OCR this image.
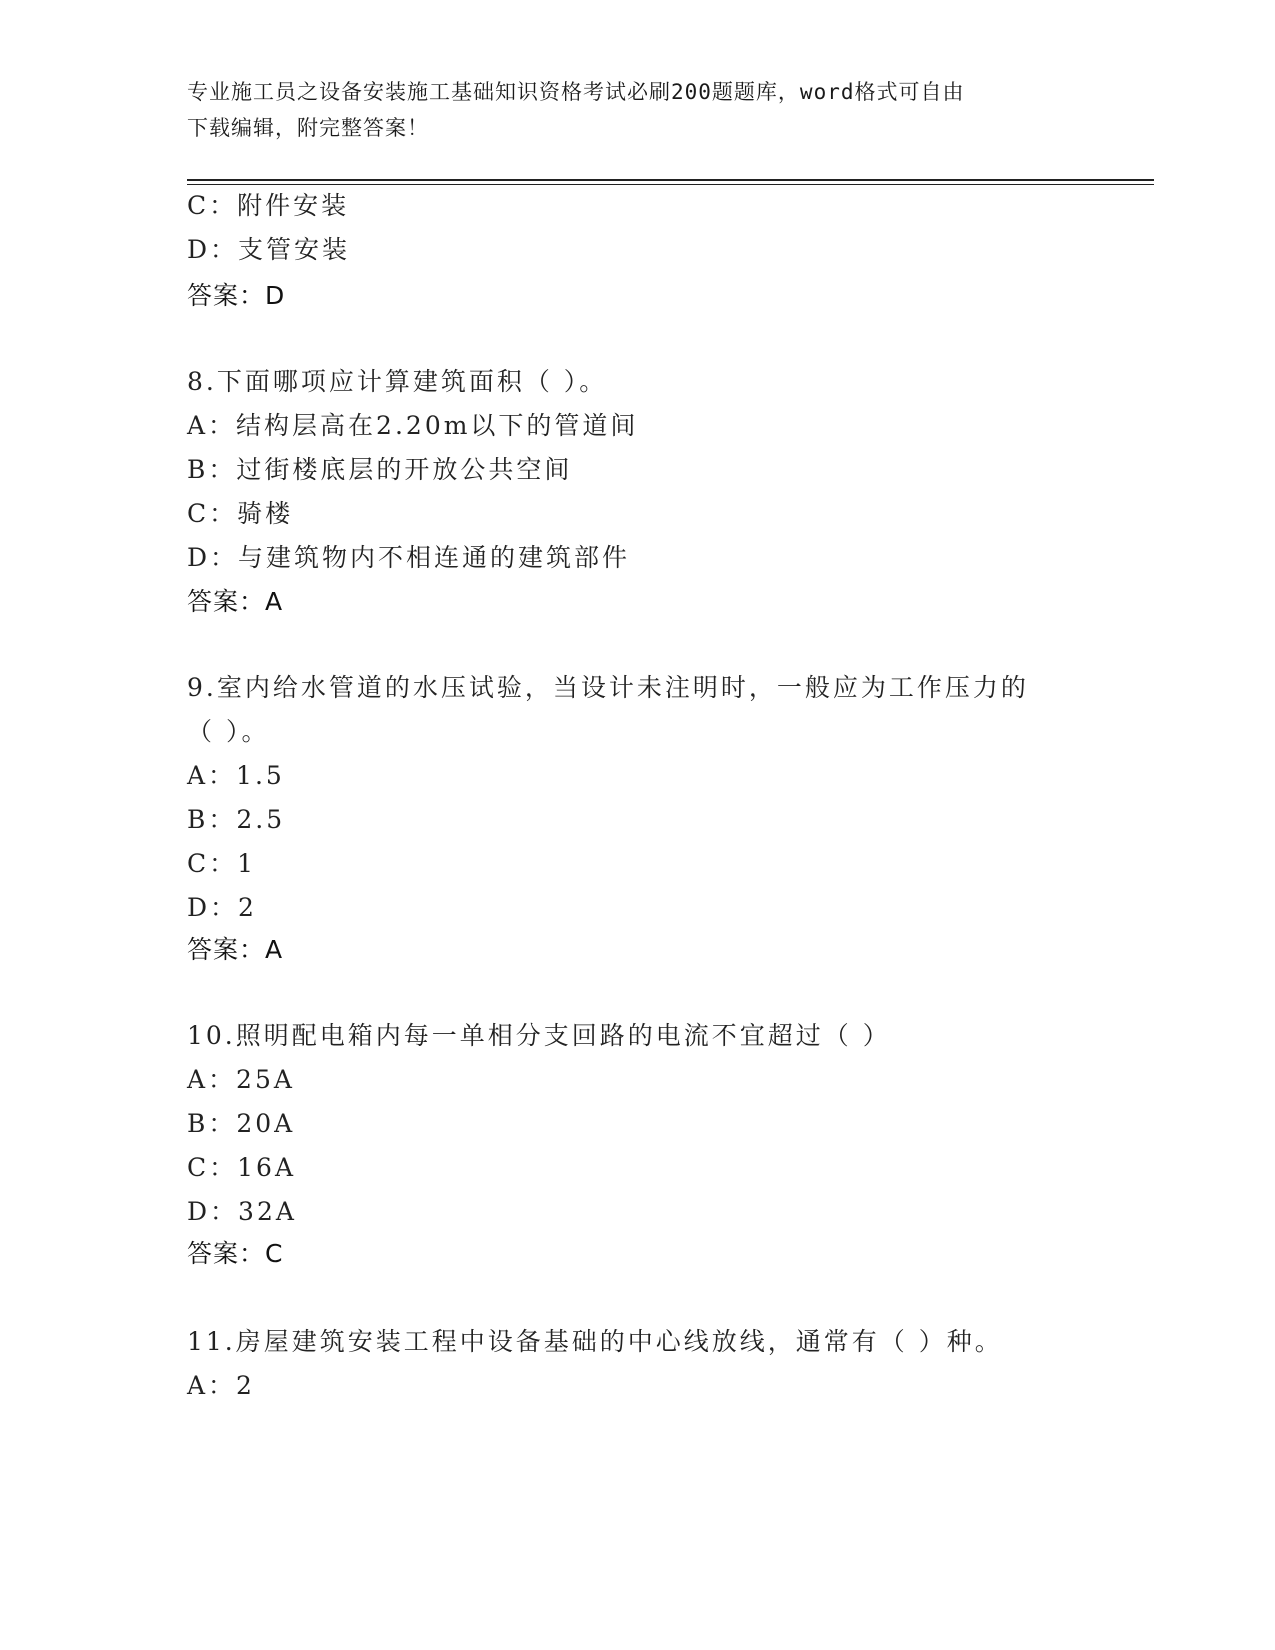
专业施工员之设备安装施工基础知识资格考试必刷200题题库，word格式可自由
下载编辑，附完整答案！
C：附件安装
D：支管安装
答案：D
8.下面哪项应计算建筑面积（ ）。
A：结构层高在2.20m以下的管道间
B：过街楼底层的开放公共空间
C：骑楼
D：与建筑物内不相连通的建筑部件
答案：A
9.室内给水管道的水压试验，当设计未注明时，一般应为工作压力的
（ ）。
A：1.5
B：2.5
C：1
D：2
答案：A
10.照明配电箱内每一单相分支回路的电流不宜超过（ ）
A：25A
B：20A
C：16A
D：32A
答案：C
11.房屋建筑安装工程中设备基础的中心线放线，通常有（ ）种。
A：2
